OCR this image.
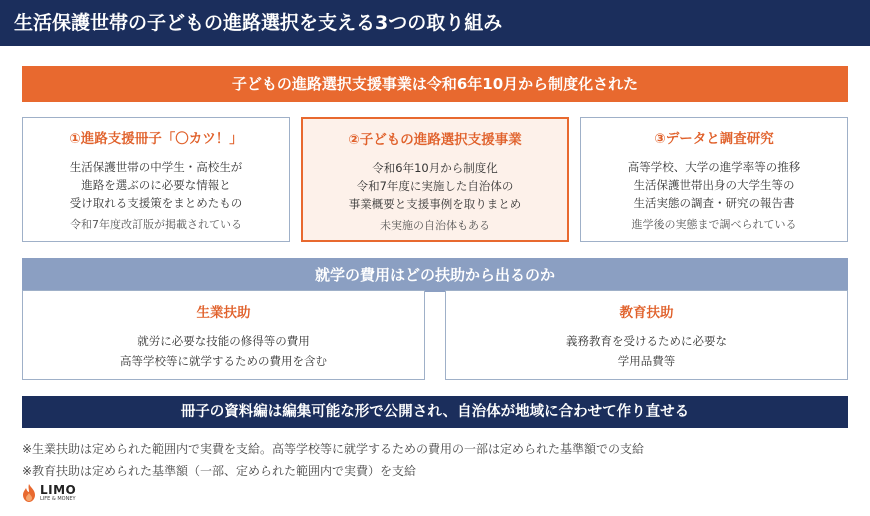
生活保護世帯の子どもの進路選択を支える3つの取り組み
子どもの進路選択支援事業は令和6年10月から制度化された
①進路支援冊子「〇カツ！」
生活保護世帯の中学生・高校生が
進路を選ぶのに必要な情報と
受け取れる支援策をまとめたもの
令和7年度改訂版が掲載されている
②子どもの進路選択支援事業
令和6年10月から制度化
令和7年度に実施した自治体の
事業概要と支援事例を取りまとめ
未実施の自治体もある
③データと調査研究
高等学校、大学の進学率等の推移
生活保護世帯出身の大学生等の
生活実態の調査・研究の報告書
進学後の実態まで調べられている
就学の費用はどの扶助から出るのか
生業扶助
就労に必要な技能の修得等の費用
高等学校等に就学するための費用を含む
教育扶助
義務教育を受けるために必要な
学用品費等
冊子の資料編は編集可能な形で公開され、自治体が地域に合わせて作り直せる
※生業扶助は定められた範囲内で実費を支給。高等学校等に就学するための費用の一部は定められた基準額での支給
※教育扶助は定められた基準額（一部、定められた範囲内で実費）を支給
LIMO
LIFE & MONEY
